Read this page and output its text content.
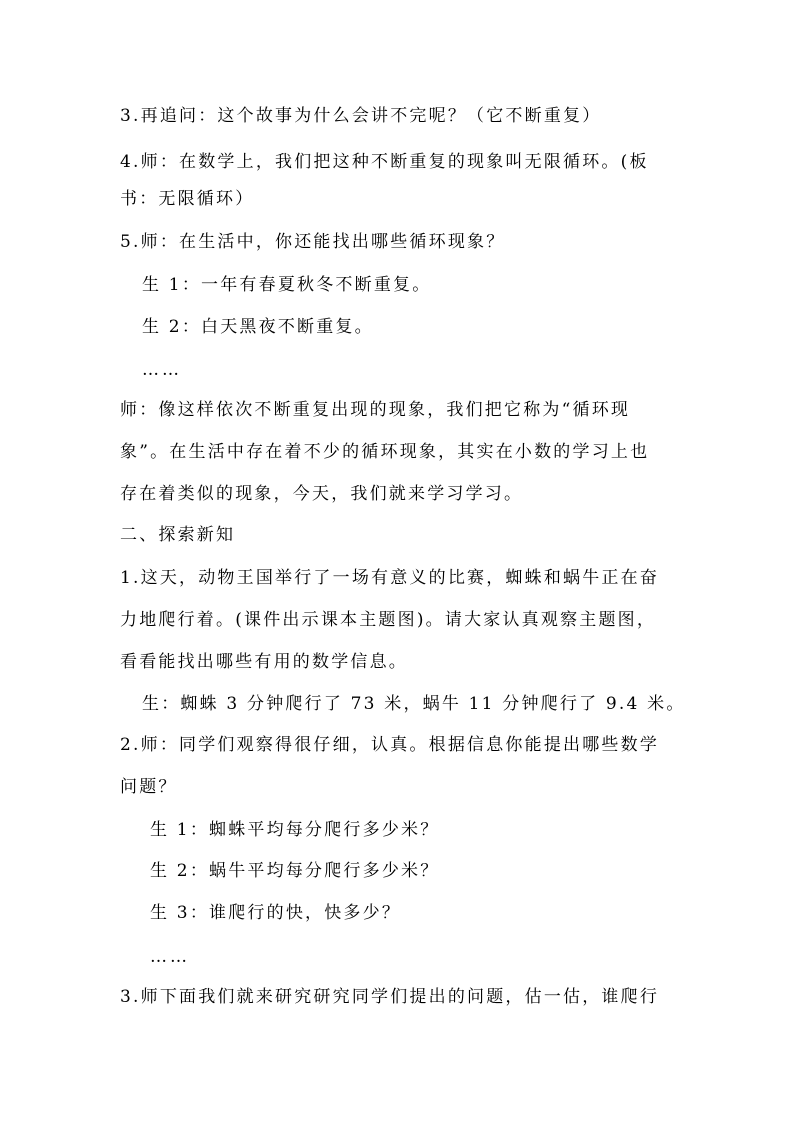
3.再追问：这个故事为什么会讲不完呢？（它不断重复）
4.师：在数学上，我们把这种不断重复的现象叫无限循环。(板
书：无限循环）
5.师：在生活中，你还能找出哪些循环现象？
生 1：一年有春夏秋冬不断重复。
生 2：白天黑夜不断重复。
……
师：像这样依次不断重复出现的现象，我们把它称为“循环现
象”。在生活中存在着不少的循环现象，其实在小数的学习上也
存在着类似的现象，今天，我们就来学习学习。
二、探索新知
1.这天，动物王国举行了一场有意义的比赛，蜘蛛和蜗牛正在奋
力地爬行着。(课件出示课本主题图)。请大家认真观察主题图，
看看能找出哪些有用的数学信息。
生：蜘蛛 3 分钟爬行了 73 米，蜗牛 11 分钟爬行了 9.4 米。
2.师：同学们观察得很仔细，认真。根据信息你能提出哪些数学
问题？
生 1：蜘蛛平均每分爬行多少米？
生 2：蜗牛平均每分爬行多少米？
生 3：谁爬行的快，快多少？
……
3.师下面我们就来研究研究同学们提出的问题，估一估，谁爬行
